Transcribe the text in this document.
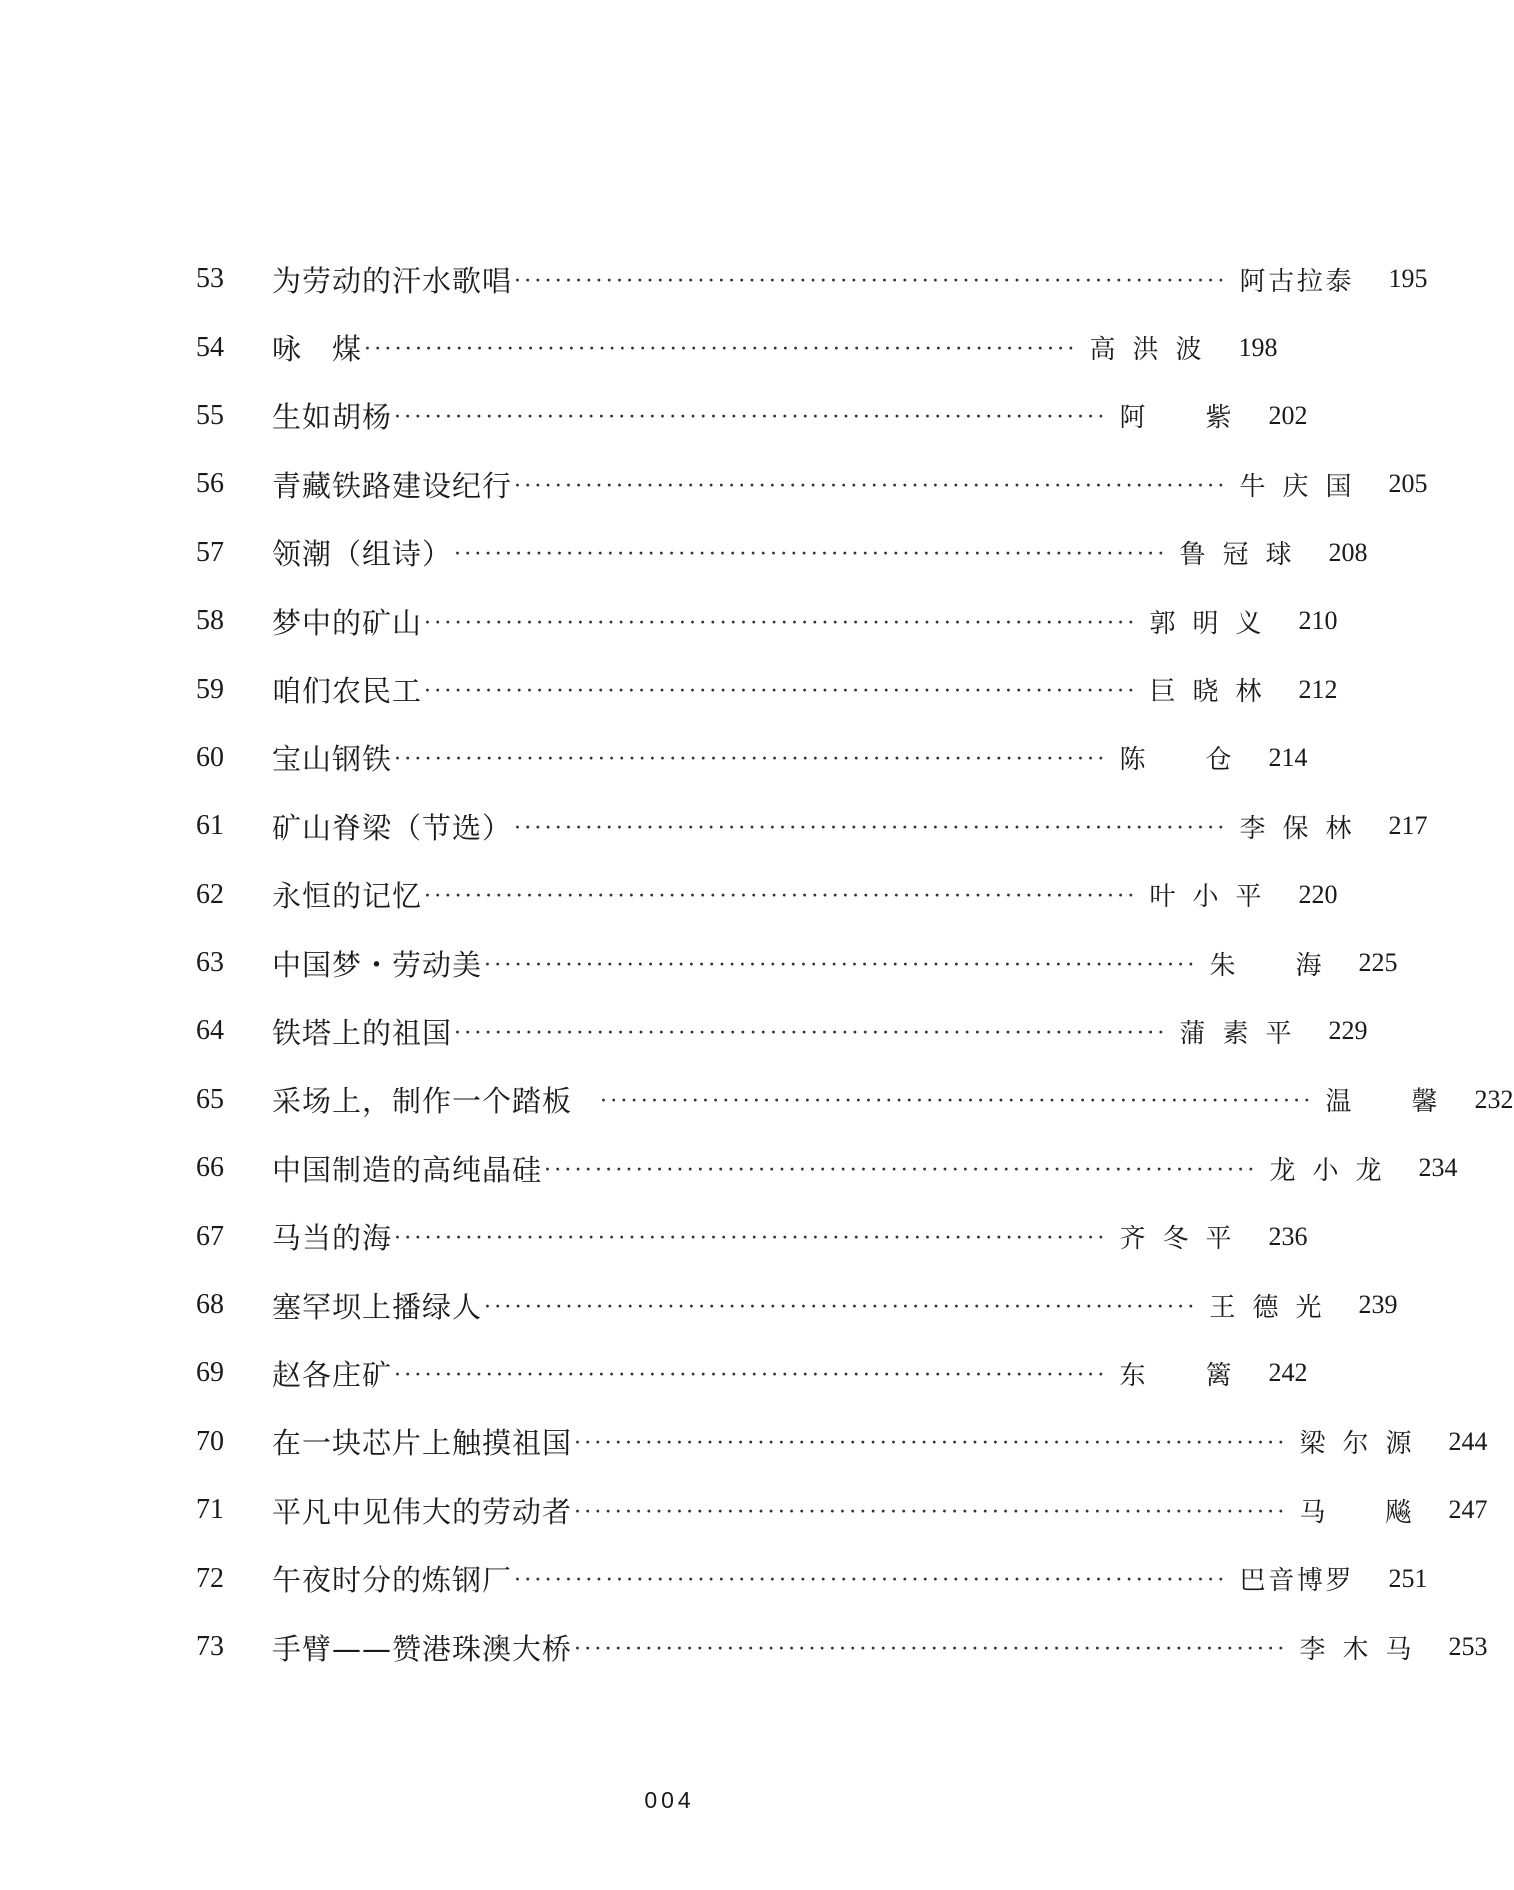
53	为劳动的汗水歌唱 ······································································ 阿古拉泰	195
54	咏　煤 ······································································ 高洪波	198
55	生如胡杨 ······································································ 阿　紫	202
56	青藏铁路建设纪行 ······································································ 牛庆国	205
57	领潮（组诗） ······································································ 鲁冠球	208
58	梦中的矿山 ······································································ 郭明义	210
59	咱们农民工 ······································································ 巨晓林	212
60	宝山钢铁 ······································································ 陈　仓	214
61	矿山脊梁（节选） ······································································ 李保林	217
62	永恒的记忆 ······································································ 叶小平	220
63	中国梦・劳动美 ······································································ 朱　海	225
64	铁塔上的祖国 ······································································ 蒲素平	229
65	采场上，制作一个踏板 ······································································ 温　馨	232
66	中国制造的高纯晶硅 ······································································ 龙小龙	234
67	马当的海 ······································································ 齐冬平	236
68	塞罕坝上播绿人 ······································································ 王德光	239
69	赵各庄矿 ······································································ 东　篱	242
70	在一块芯片上触摸祖国 ······································································ 梁尔源	244
71	平凡中见伟大的劳动者 ······································································ 马　飚	247
72	午夜时分的炼钢厂 ······································································ 巴音博罗	251
73	手臂——赞港珠澳大桥 ······································································ 李木马	253
004
